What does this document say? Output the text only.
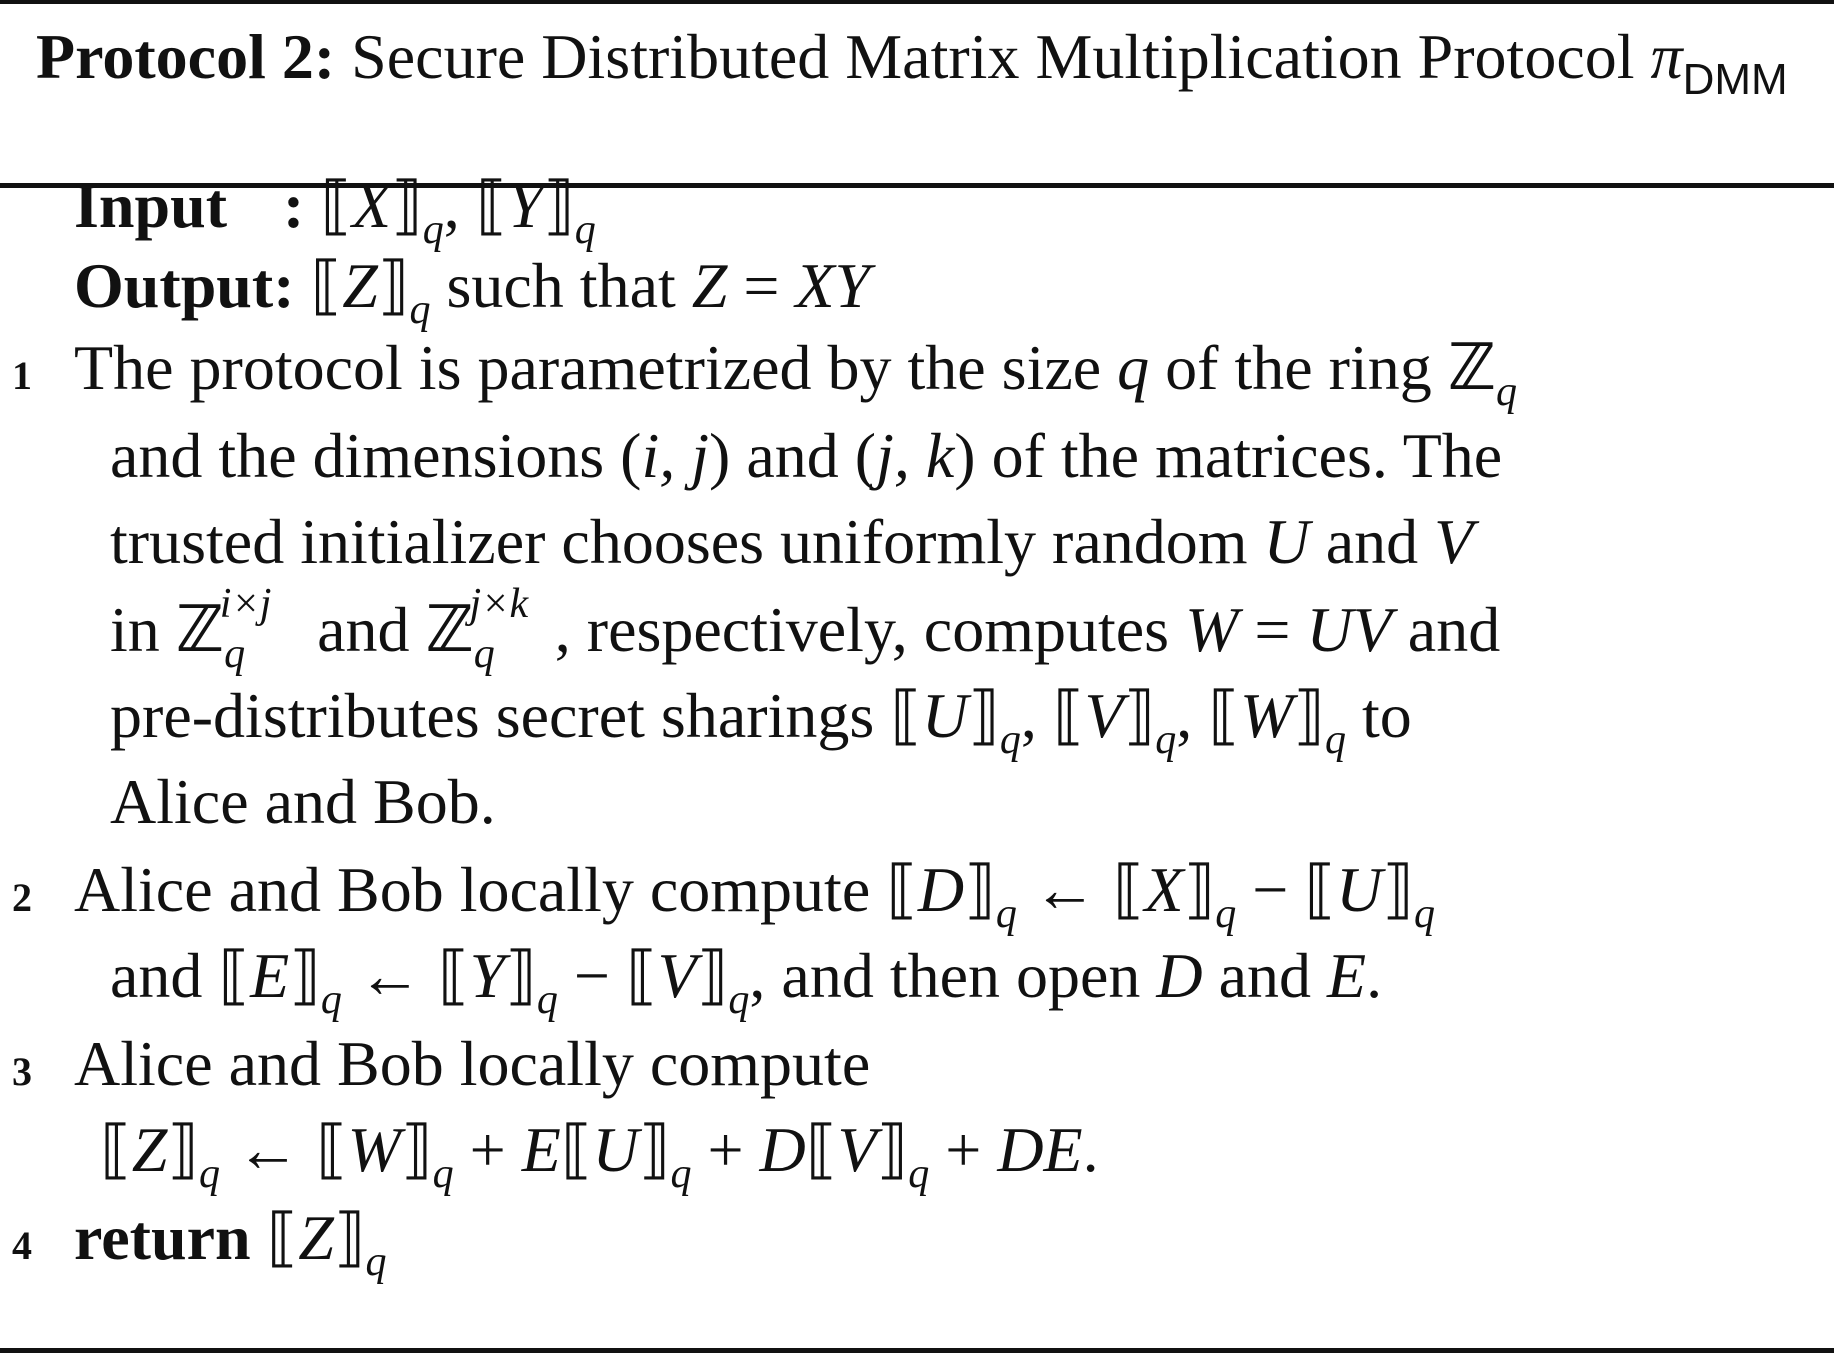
Protocol 2: Secure Distributed Matrix Multiplication Protocol $\pi_{DMM}$
Input : $⟦X⟧_q$, $⟦Y⟧_q$
Output: $⟦Z⟧_q$ such that Z = XY
1 The protocol is parametrized by the size q of the ring ℤ$_q$
and the dimensions (i, j) and (j, k) of the matrices. The
trusted initializer chooses uniformly random U and V
in ℤ$_q$
i×j and ℤ$_q$
j×k , respectively, computes W = UV and
pre-distributes secret sharings $⟦U⟧_q$, $⟦V⟧_q$, $⟦W⟧_q$ to
Alice and Bob.
2 Alice and Bob locally compute $⟦D⟧_q$ ← $⟦X⟧_q$ − $⟦U⟧_q$
and $⟦E⟧_q$ ← $⟦Y⟧_q$ − $⟦V⟧_q$, and then open D and E.
3 Alice and Bob locally compute
$⟦Z⟧_q$ ← $⟦W⟧_q$ + $E⟦U⟧_q$ + $D⟦V⟧_q$ + DE.
4 return $⟦Z⟧_q$
